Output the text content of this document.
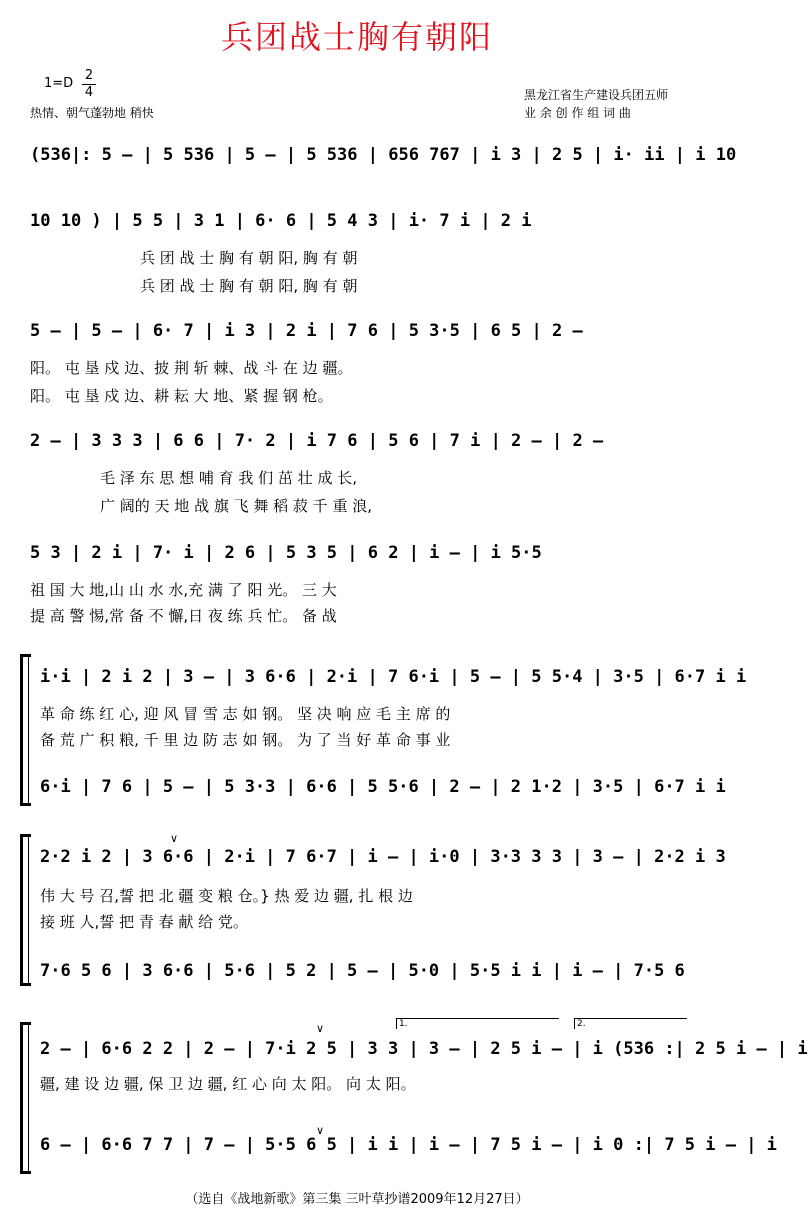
兵团战士胸有朝阳
$1=D \frac{2}{4}$
热情、朝气蓬勃地 稍快
黑龙江省生产建设兵团五师
业 余 创 作 组 词 曲
(536|: 5 – | 5 536 | 5 – | 5 536 | 656 767 | i 3 | 2 5 | i· ii | i 10
10 10 ) | 5 5 | 3 1 | 6· 6 | 5 4 3 | i· 7 i | 2 i
兵 团 战 士 胸 有 朝 阳, 胸 有 朝
兵 团 战 士 胸 有 朝 阳, 胸 有 朝
5 – | 5 – | 6· 7 | i 3 | 2 i | 7 6 | 5 3·5 | 6 5 | 2 –
阳。 屯 垦 戍 边、披 荆 斩 棘、战 斗 在 边 疆。
阳。 屯 垦 戍 边、耕 耘 大 地、紧 握 钢 枪。
2 – | 3 3 3 | 6 6 | 7· 2 | i 7 6 | 5 6 | 7 i | 2 – | 2 –
毛 泽 东 思 想 哺 育 我 们 茁 壮 成 长,
广 阔的 天 地 战 旗 飞 舞 稻 菽 千 重 浪,
5 3 | 2 i | 7· i | 2 6 | 5 3 5 | 6 2 | i – | i 5·5
祖 国 大 地,山 山 水 水,充 满 了 阳 光。 三 大
提 高 警 惕,常 备 不 懈,日 夜 练 兵 忙。 备 战
i·i | 2 i 2 | 3 – | 3 6·6 | 2·i | 7 6·i | 5 – | 5 5·4 | 3·5 | 6·7 i i
革 命 练 红 心, 迎 风 冒 雪 志 如 钢。 坚 决 响 应 毛 主 席 的
备 荒 广 积 粮, 千 里 边 防 志 如 钢。 为 了 当 好 革 命 事 业
6·i | 7 6 | 5 – | 5 3·3 | 6·6 | 5 5·6 | 2 – | 2 1·2 | 3·5 | 6·7 i i
∨
2·2 i 2 | 3 6·6 | 2·i | 7 6·7 | i – | i·0 | 3·3 3 3 | 3 – | 2·2 i 3
伟 大 号 召,誓 把 北 疆 变 粮 仓。} 热 爱 边 疆, 扎 根 边
接 班 人,誓 把 青 春 献 给 党。
7·6 5 6 | 3 6·6 | 5·6 | 5 2 | 5 – | 5·0 | 5·5 i i | i – | 7·5 6
1.	2.
∨
2 – | 6·6 2 2 | 2 – | 7·i 2 5 | 3 3 | 3 – | 2 5 i – | i (536 :| 2 5 i – | i
疆, 建 设 边 疆, 保 卫 边 疆, 红 心 向 太 阳。 向 太 阳。
∨
6 – | 6·6 7 7 | 7 – | 5·5 6 5 | i i | i – | 7 5 i – | i 0 :| 7 5 i – | i
（选自《战地新歌》第三集 三叶草抄谱2009年12月27日）
